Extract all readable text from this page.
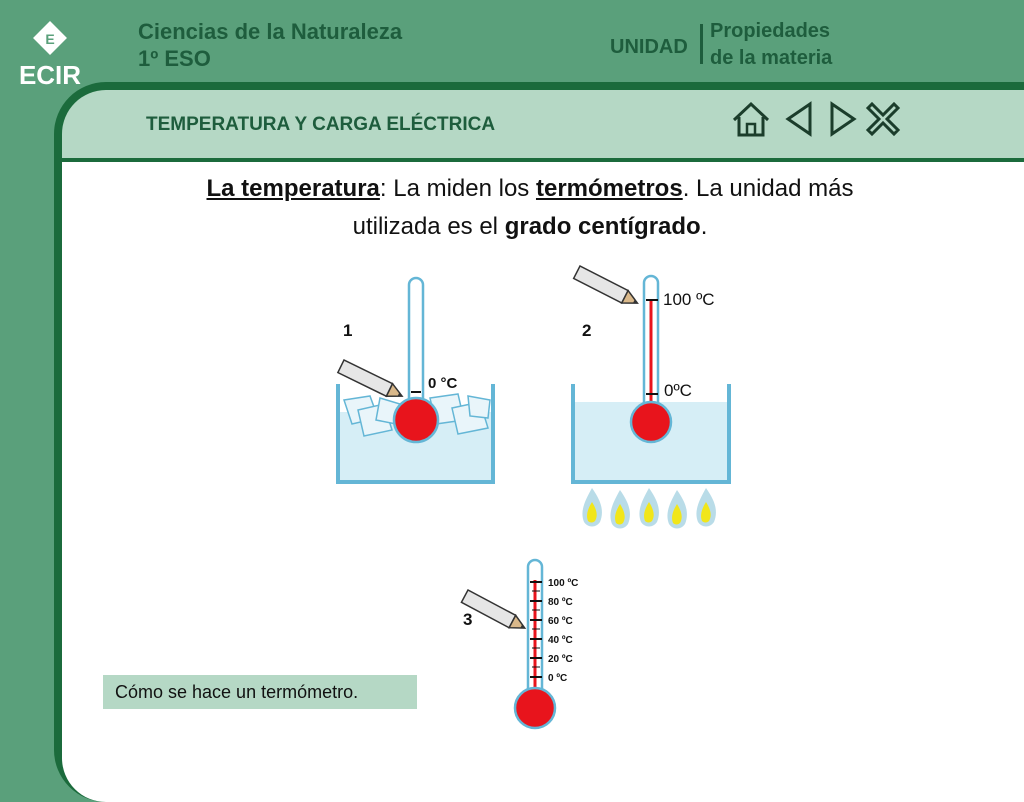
E
ECIR
Ciencias de la Naturaleza
1º ESO	UNIDAD
Propiedades
de la materia
TEMPERATURA Y CARGA ELÉCTRICA
La temperatura: La miden los termómetros. La unidad más
utilizada es el grado centígrado.
1
0 °C
2
100 ºC
0ºC
3
100 ºC
80 ºC
60 ºC
40 ºC
20 ºC
0 ºC
Cómo se hace un termómetro.
